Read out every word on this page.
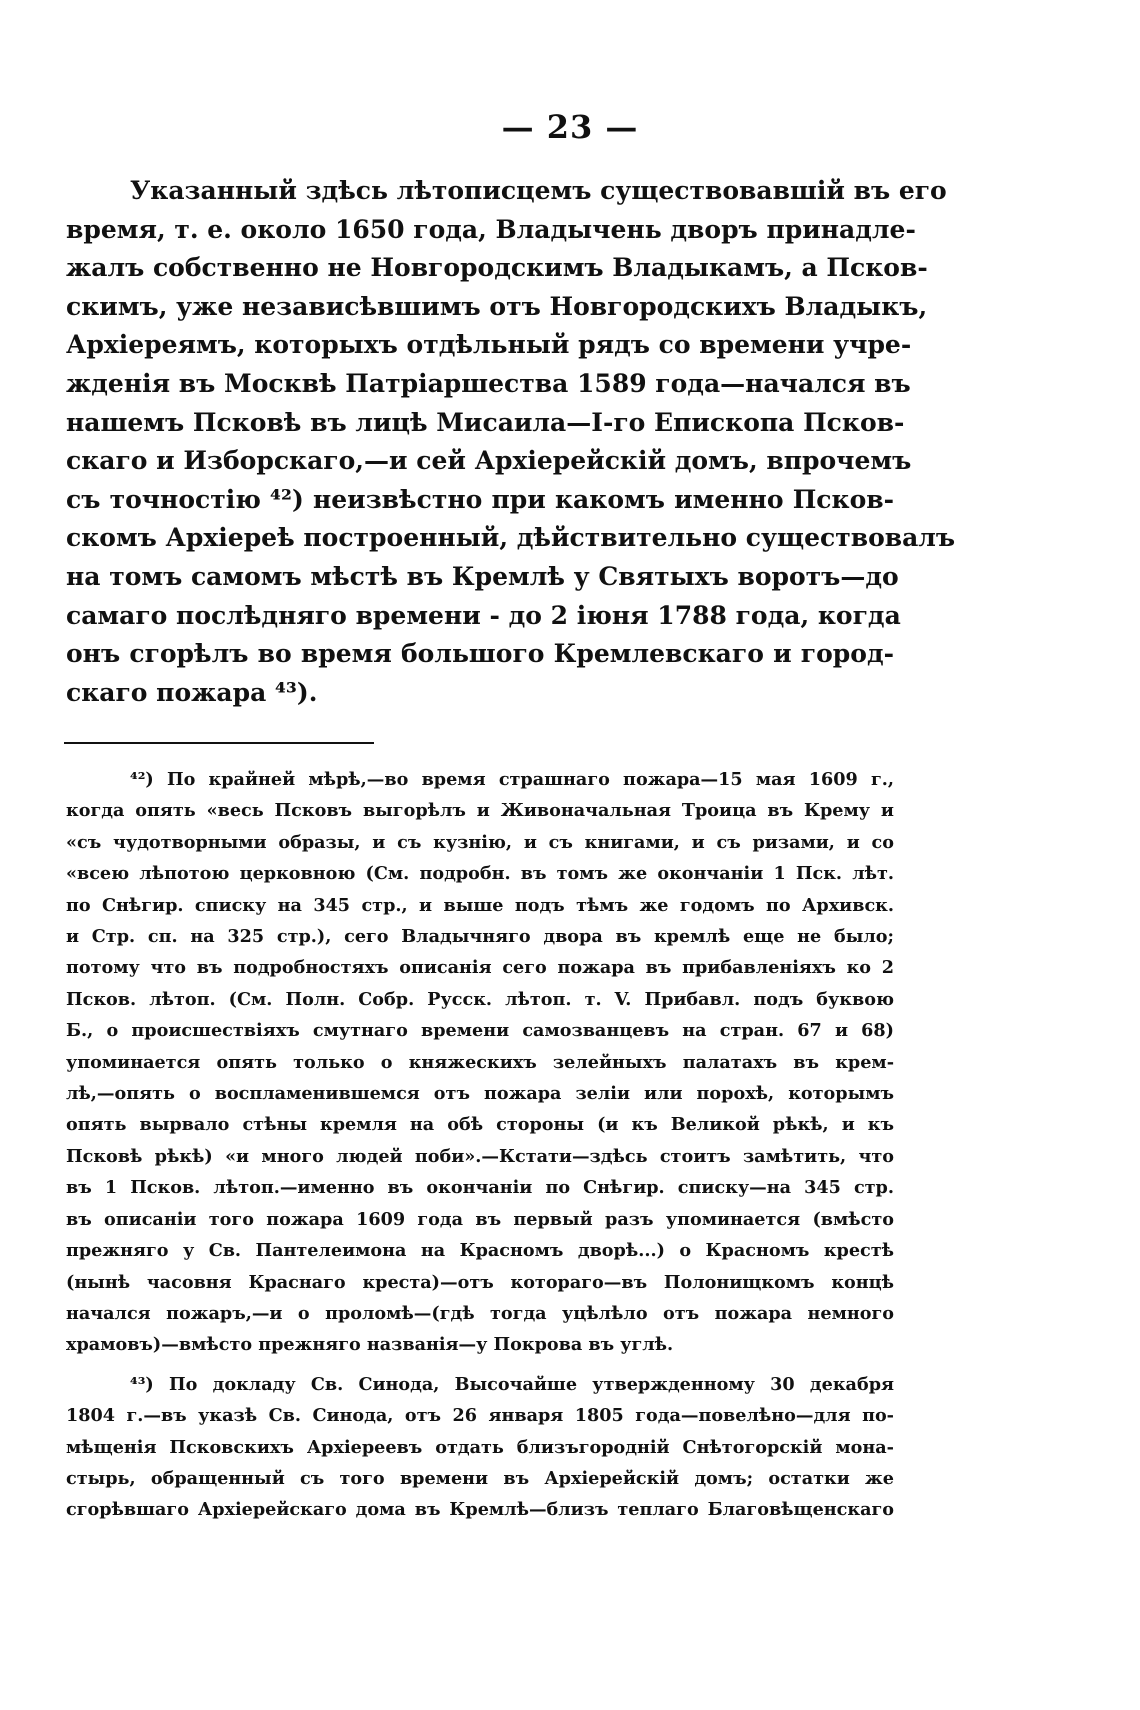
— 23 —
Указанный здѣсь лѣтописцемъ существовавшій въ его
время, т. е. около 1650 года, Владычень дворъ принадле-
жалъ собственно не Новгородскимъ Владыкамъ, а Псков-
скимъ, уже независѣвшимъ отъ Новгородскихъ Владыкъ,
Архіереямъ, которыхъ отдѣльный рядъ со времени учре-
жденія въ Москвѣ Патріаршества 1589 года—начался въ
нашемъ Псковѣ въ лицѣ Мисаила—I-го Епископа Псков-
скаго и Изборскаго,—и сей Архіерейскій домъ, впрочемъ
съ точностію ⁴²) неизвѣстно при какомъ именно Псков-
скомъ Архіереѣ построенный, дѣйствительно существовалъ
на томъ самомъ мѣстѣ въ Кремлѣ у Святыхъ воротъ—до
самаго послѣдняго времени - до 2 іюня 1788 года, когда
онъ сгорѣлъ во время большого Кремлевскаго и город-
скаго пожара ⁴³).
⁴²) По крайней мѣрѣ,—во время страшнаго пожара—15 мая 1609 г.,
когда опять «весь Псковъ выгорѣлъ и Живоначальная Троица въ Крему и
«съ чудотворными образы, и съ кузнію, и съ книгами, и съ ризами, и со
«всею лѣпотою церковною (См. подробн. въ томъ же окончаніи 1 Пск. лѣт.
по Снѣгир. списку на 345 стр., и выше подъ тѣмъ же годомъ по Архивск.
и Стр. сп. на 325 стр.), сего Владычняго двора въ кремлѣ еще не было;
потому что въ подробностяхъ описанія сего пожара въ прибавленіяхъ ко 2
Псков. лѣтоп. (См. Полн. Собр. Русск. лѣтоп. т. V. Прибавл. подъ буквою
Б., о происшествіяхъ смутнаго времени самозванцевъ на стран. 67 и 68)
упоминается опять только о княжескихъ зелейныхъ палатахъ въ крем-
лѣ,—опять о воспламенившемся отъ пожара зеліи или порохѣ, которымъ
опять вырвало стѣны кремля на обѣ стороны (и къ Великой рѣкѣ, и къ
Псковѣ рѣкѣ) «и много людей поби».—Кстати—здѣсь стоитъ замѣтить, что
въ 1 Псков. лѣтоп.—именно въ окончаніи по Снѣгир. списку—на 345 стр.
въ описаніи того пожара 1609 года въ первый разъ упоминается (вмѣсто
прежняго у Св. Пантелеимона на Красномъ дворѣ...) о Красномъ крестѣ
(нынѣ часовня Краснаго креста)—отъ котораго—въ Полонищкомъ концѣ
начался пожаръ,—и о проломѣ—(гдѣ тогда уцѣлѣло отъ пожара немного
храмовъ)—вмѣсто прежняго названія—у Покрова въ углѣ.
⁴³) По докладу Св. Синода, Высочайше утвержденному 30 декабря
1804 г.—въ указѣ Св. Синода, отъ 26 января 1805 года—повелѣно—для по-
мѣщенія Псковскихъ Архіереевъ отдать близъгородній Снѣтогорскій мона-
стырь, обращенный съ того времени въ Архіерейскій домъ; остатки же
сгорѣвшаго Архіерейскаго дома въ Кремлѣ—близъ теплаго Благовѣщенскаго
